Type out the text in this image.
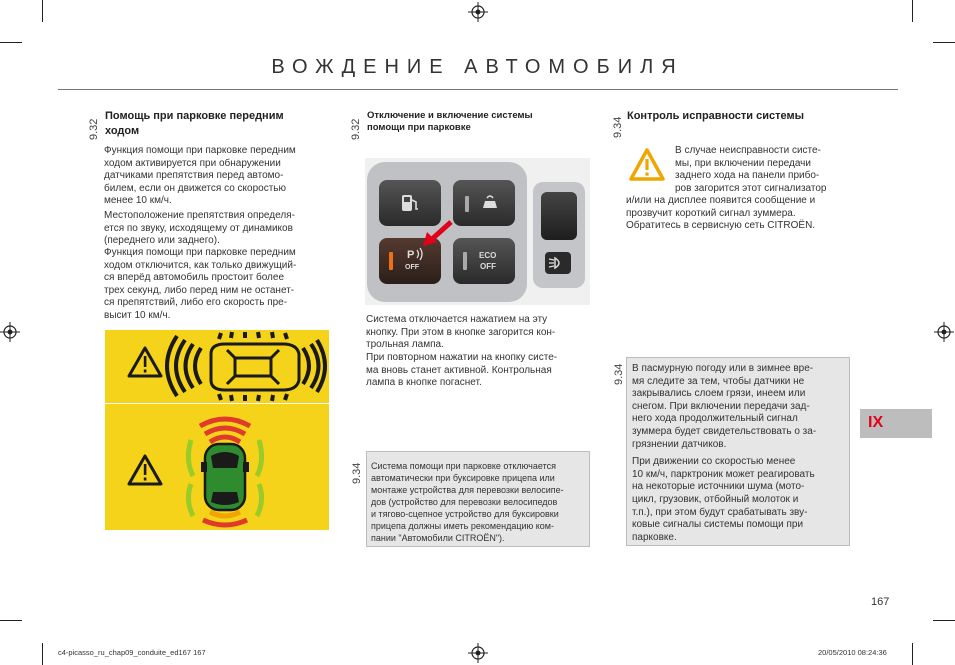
ВОЖДЕНИЕ АВТОМОБИЛЯ
9.32
Помощь при парковке передним
ходом
Функция помощи при парковке передним
ходом активируется при обнаружении
датчиками препятствия перед автомо-
билем, если он движется со скоростью
менее 10 км/ч.
Местоположение препятствия определя-
ется по звуку, исходящему от динамиков
(переднего или заднего).
Функция помощи при парковке передним
ходом отключится, как только движущий-
ся вперёд автомобиль простоит более
трех секунд, либо перед ним не останет-
ся препятствий, либо его скорость пре-
высит 10 км/ч.
9.32
Отключение и включение системы
помощи при парковке
P
OFF
ECO
OFF
Система отключается нажатием на эту
кнопку. При этом в кнопке загорится кон-
трольная лампа.
При повторном нажатии на кнопку систе-
ма вновь станет активной. Контрольная
лампа в кнопке погаснет.
9.34 Система помощи при парковке отключается
автоматически при буксировке прицепа или
монтаже устройства для перевозки велосипе-
дов (устройство для перевозки велосипедов
и тягово-сцепное устройство для буксировки
прицепа должны иметь рекомендацию ком-
пании "Автомобили CITROËN").

9.34
Контроль исправности системы
В случае неисправности систе-
мы, при включении передачи
заднего хода на панели прибо-
ров загорится этот сигнализатор
и/или на дисплее появится сообщение и
прозвучит короткий сигнал зуммера.
Обратитесь в сервисную сеть CITROËN.
9.34 В пасмурную погоду или в зимнее вре-
мя следите за тем, чтобы датчики не
закрывались слоем грязи, инеем или
снегом. При включении передачи зад-
него хода продолжительный сигнал
зуммера будет свидетельствовать о за-
грязнении датчиков.

При движении со скоростью менее
10 км/ч, парктроник может реагировать
на некоторые источники шума (мото-
цикл, грузовик, отбойный молоток и
т.п.), при этом будут срабатывать зву-
ковые сигналы системы помощи при
парковке.

IX
167
c4-picasso_ru_chap09_conduite_ed167 167	20/05/2010 08:24:36
